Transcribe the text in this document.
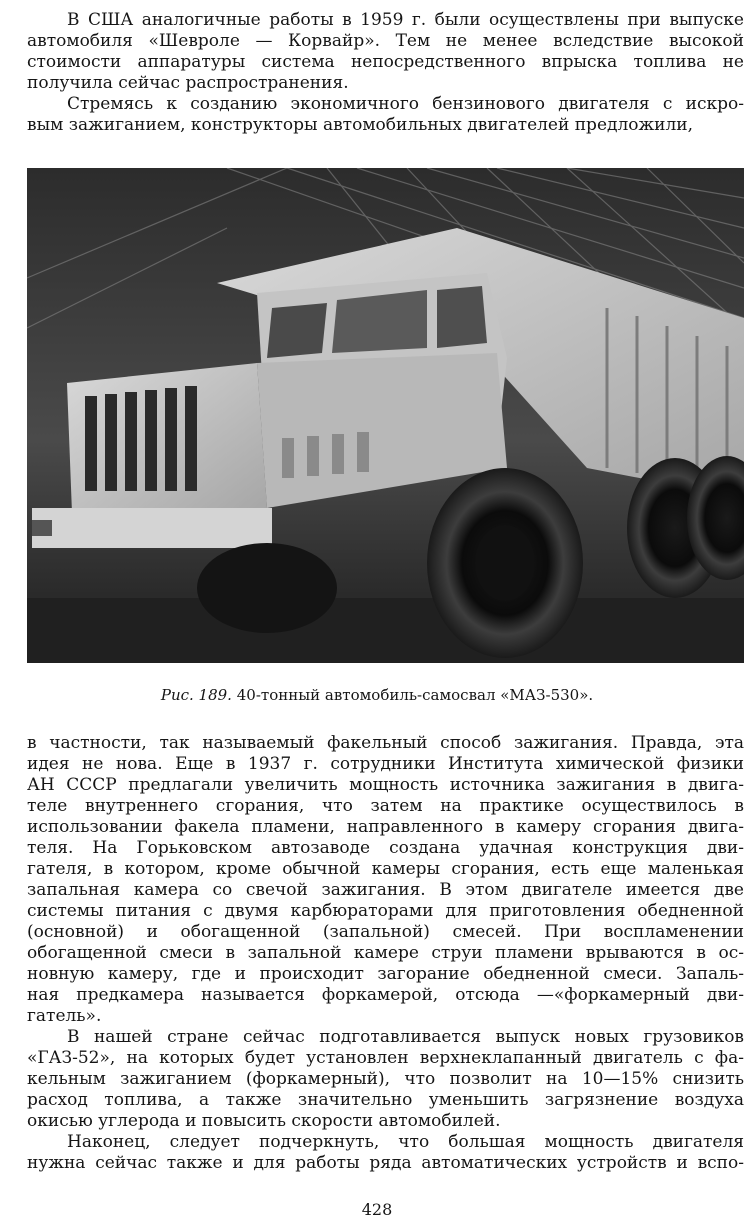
В США аналогичные работы в 1959 г. были осуществлены при выпуске
автомобиля «Шевроле — Корвайр». Тем не менее вследствие высокой
стоимости аппаратуры система непосредственного впрыска топлива не
получила сейчас распространения.
Стремясь к созданию экономичного бензинового двигателя с искро-
вым зажиганием, конструкторы автомобильных двигателей предложили,
Рис. 189. 40-тонный автомобиль-самосвал «МАЗ-530».
в частности, так называемый факельный способ зажигания. Правда, эта
идея не нова. Еще в 1937 г. сотрудники Института химической физики
АН СССР предлагали увеличить мощность источника зажигания в двига-
теле внутреннего сгорания, что затем на практике осуществилось в
использовании факела пламени, направленного в камеру сгорания двига-
теля. На Горьковском автозаводе создана удачная конструкция дви-
гателя, в котором, кроме обычной камеры сгорания, есть еще маленькая
запальная камера со свечой зажигания. В этом двигателе имеется две
системы питания с двумя карбюраторами для приготовления обедненной
(основной) и обогащенной (запальной) смесей. При воспламенении
обогащенной смеси в запальной камере струи пламени врываются в ос-
новную камеру, где и происходит загорание обедненной смеси. Запаль-
ная предкамера называется форкамерой, отсюда —«форкамерный дви-
гатель».
В нашей стране сейчас подготавливается выпуск новых грузовиков
«ГАЗ-52», на которых будет установлен верхнеклапанный двигатель с фа-
кельным зажиганием (форкамерный), что позволит на 10—15% снизить
расход топлива, а также значительно уменьшить загрязнение воздуха
окисью углерода и повысить скорости автомобилей.
Наконец, следует подчеркнуть, что большая мощность двигателя
нужна сейчас также и для работы ряда автоматических устройств и вспо-
428
